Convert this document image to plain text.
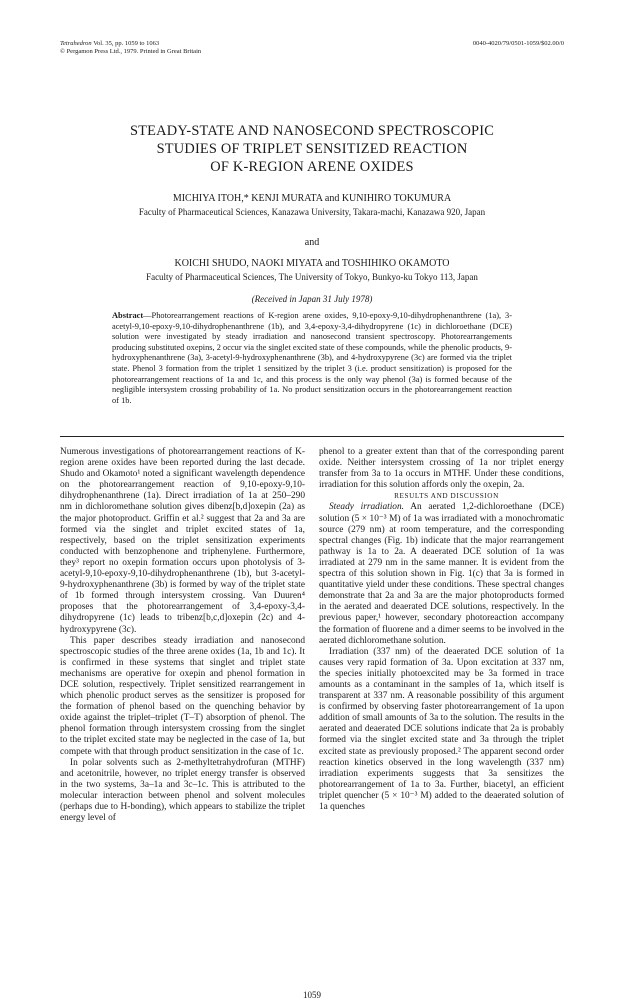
Tetrahedron Vol. 35, pp. 1059 to 1063
© Pergamon Press Ltd., 1979. Printed in Great Britain
0040-4020/79/0501-1059/$02.00/0
STEADY-STATE AND NANOSECOND SPECTROSCOPIC
STUDIES OF TRIPLET SENSITIZED REACTION
OF K-REGION ARENE OXIDES
MICHIYA ITOH,* KENJI MURATA and KUNIHIRO TOKUMURA
Faculty of Pharmaceutical Sciences, Kanazawa University, Takara-machi, Kanazawa 920, Japan
and
KOICHI SHUDO, NAOKI MIYATA and TOSHIHIKO OKAMOTO
Faculty of Pharmaceutical Sciences, The University of Tokyo, Bunkyo-ku Tokyo 113, Japan
(Received in Japan 31 July 1978)

Abstract—Photorearrangement reactions of K-region arene oxides, 9,10-epoxy-9,10-dihydrophenanthrene (1a), 3-acetyl-9,10-epoxy-9,10-dihydrophenanthrene (1b), and 3,4-epoxy-3,4-dihydropyrene (1c) in dichloroethane (DCE) solution were investigated by steady irradiation and nanosecond transient spectroscopy. Photorearrangements producing substituted oxepins, 2 occur via the singlet excited state of these compounds, while the phenolic products, 9-hydroxyphenanthrene (3a), 3-acetyl-9-hydroxyphenanthrene (3b), and 4-hydroxypyrene (3c) are formed via the triplet state. Phenol 3 formation from the triplet 1 sensitized by the triplet 3 (i.e. product sensitization) is proposed for the photorearrangement reactions of 1a and 1c, and this process is the only way phenol (3a) is formed because of the negligible intersystem crossing probability of 1a. No product sensitization occurs in the photorearrangement reaction of 1b.

Numerous investigations of photorearrangement reactions of K-region arene oxides have been reported during the last decade. Shudo and Okamoto¹ noted a significant wavelength dependence on the photorearrangement reaction of 9,10-epoxy-9,10-dihydrophenanthrene (1a). Direct irradiation of 1a at 250–290 nm in dichloromethane solution gives dibenz[b,d]oxepin (2a) as the major photoproduct. Griffin et al.² suggest that 2a and 3a are formed via the singlet and triplet excited states of 1a, respectively, based on the triplet sensitization experiments conducted with benzophenone and triphenylene. Furthermore, they³ report no oxepin formation occurs upon photolysis of 3-acetyl-9,10-epoxy-9,10-dihydrophenanthrene (1b), but 3-acetyl-9-hydroxyphenanthrene (3b) is formed by way of the triplet state of 1b formed through intersystem crossing. Van Duuren⁴ proposes that the photorearrangement of 3,4-epoxy-3,4-dihydropyrene (1c) leads to tribenz[b,c,d]oxepin (2c) and 4-hydroxypyrene (3c).

This paper describes steady irradiation and nanosecond spectroscopic studies of the three arene oxides (1a, 1b and 1c). It is confirmed in these systems that singlet and triplet state mechanisms are operative for oxepin and phenol formation in DCE solution, respectively. Triplet sensitized rearrangement in which phenolic product serves as the sensitizer is proposed for the formation of phenol based on the quenching behavior by oxide against the triplet–triplet (T–T) absorption of phenol. The phenol formation through intersystem crossing from the singlet to the triplet excited state may be neglected in the case of 1a, but compete with that through product sensitization in the case of 1c.

In polar solvents such as 2-methyltetrahydrofuran (MTHF) and acetonitrile, however, no triplet energy transfer is observed in the two systems, 3a–1a and 3c–1c. This is attributed to the molecular interaction between phenol and solvent molecules (perhaps due to H-bonding), which appears to stabilize the triplet energy level of

phenol to a greater extent than that of the corresponding parent oxide. Neither intersystem crossing of 1a nor triplet energy transfer from 3a to 1a occurs in MTHF. Under these conditions, irradiation for this solution affords only the oxepin, 2a.

RESULTS AND DISCUSSION

Steady irradiation. An aerated 1,2-dichloroethane (DCE) solution (5 × 10⁻³ M) of 1a was irradiated with a monochromatic source (279 nm) at room temperature, and the corresponding spectral changes (Fig. 1b) indicate that the major rearrangement pathway is 1a to 2a. A deaerated DCE solution of 1a was irradiated at 279 nm in the same manner. It is evident from the spectra of this solution shown in Fig. 1(c) that 3a is formed in quantitative yield under these conditions. These spectral changes demonstrate that 2a and 3a are the major photoproducts formed in the aerated and deaerated DCE solutions, respectively. In the previous paper,¹ however, secondary photoreaction accompany the formation of fluorene and a dimer seems to be involved in the aerated dichloromethane solution.

Irradiation (337 nm) of the deaerated DCE solution of 1a causes very rapid formation of 3a. Upon excitation at 337 nm, the species initially photoexcited may be 3a formed in trace amounts as a contaminant in the samples of 1a, which itself is transparent at 337 nm. A reasonable possibility of this argument is confirmed by observing faster photorearrangement of 1a upon addition of small amounts of 3a to the solution. The results in the aerated and deaerated DCE solutions indicate that 2a is probably formed via the singlet excited state and 3a through the triplet excited state as previously proposed.² The apparent second order reaction kinetics observed in the long wavelength (337 nm) irradiation experiments suggests that 3a sensitizes the photorearrangement of 1a to 3a. Further, biacetyl, an efficient triplet quencher (5 × 10⁻³ M) added to the deaerated solution of 1a quenches

1059
